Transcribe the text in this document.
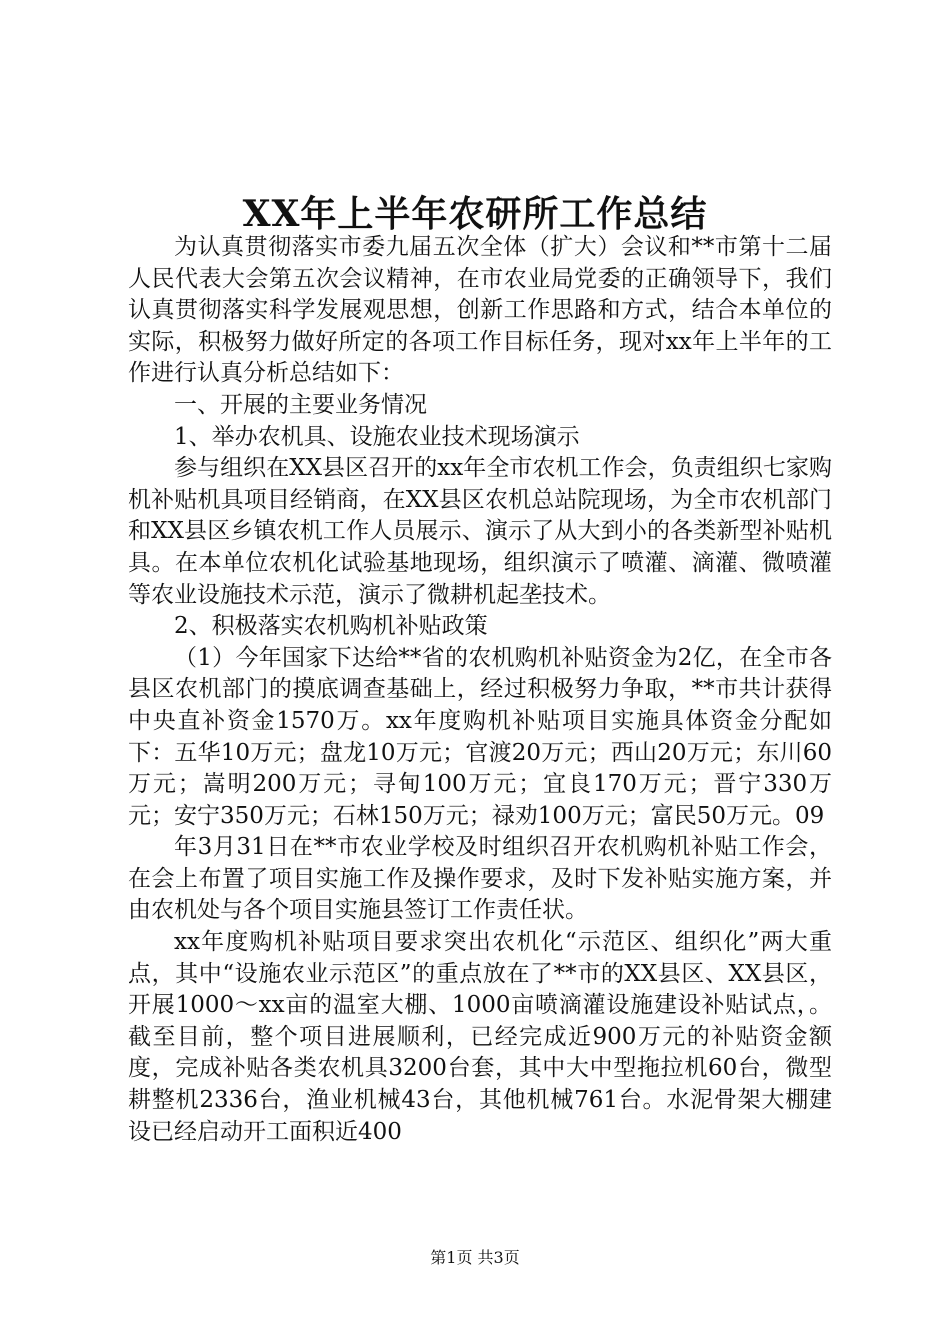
XX年上半年农研所工作总结

为认真贯彻落实市委九届五次全体（扩大）会议和**市第十二届人民代表大会第五次会议精神，在市农业局党委的正确领导下，我们认真贯彻落实科学发展观思想，创新工作思路和方式，结合本单位的实际，积极努力做好所定的各项工作目标任务，现对xx年上半年的工作进行认真分析总结如下：

一、开展的主要业务情况

1、举办农机具、设施农业技术现场演示

参与组织在XX县区召开的xx年全市农机工作会，负责组织七家购机补贴机具项目经销商，在XX县区农机总站院现场，为全市农机部门和XX县区乡镇农机工作人员展示、演示了从大到小的各类新型补贴机具。在本单位农机化试验基地现场，组织演示了喷灌、滴灌、微喷灌等农业设施技术示范，演示了微耕机起垄技术。

2、积极落实农机购机补贴政策

（1）今年国家下达给**省的农机购机补贴资金为2亿，在全市各县区农机部门的摸底调查基础上，经过积极努力争取，**市共计获得中央直补资金1570万。xx年度购机补贴项目实施具体资金分配如下：五华10万元；盘龙10万元；官渡20万元；西山20万元；东川60万元；嵩明200万元；寻甸100万元；宜良170万元；晋宁330万元；安宁350万元；石林150万元；禄劝100万元；富民50万元。09

年3月31日在**市农业学校及时组织召开农机购机补贴工作会，在会上布置了项目实施工作及操作要求，及时下发补贴实施方案，并由农机处与各个项目实施县签订工作责任状。

xx年度购机补贴项目要求突出农机化“示范区、组织化”两大重点，其中“设施农业示范区”的重点放在了**市的XX县区、XX县区，开展1000～xx亩的温室大棚、1000亩喷滴灌设施建设补贴试点，。截至目前，整个项目进展顺利，已经完成近900万元的补贴资金额度，完成补贴各类农机具3200台套，其中大中型拖拉机60台，微型耕整机2336台，渔业机械43台，其他机械761台。水泥骨架大棚建设已经启动开工面积近400

第1页 共3页
